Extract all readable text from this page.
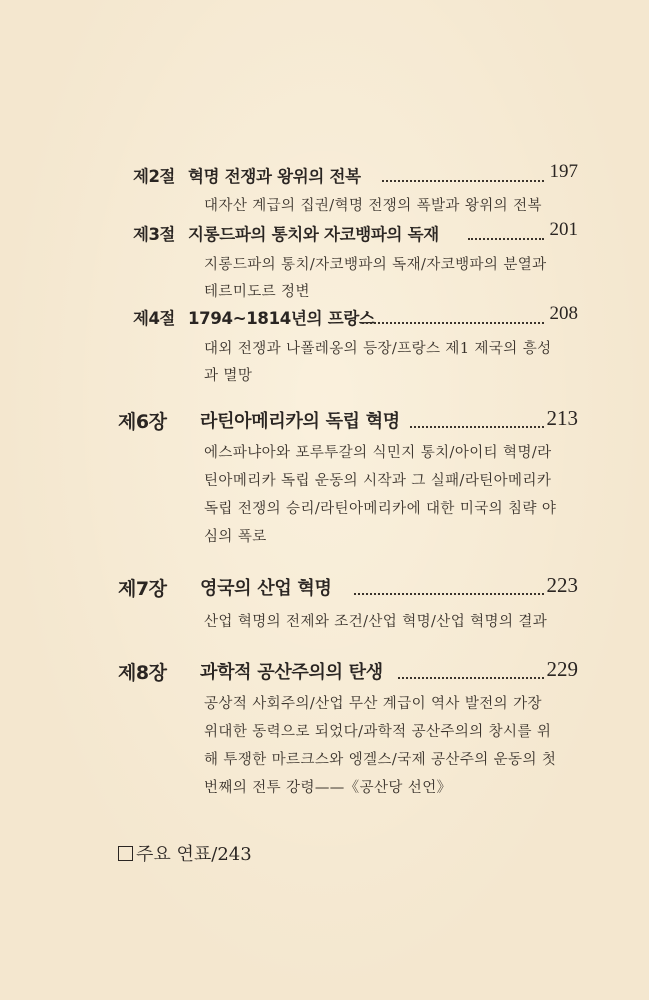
제2절 혁명 전쟁과 왕위의 전복	197
대자산 계급의 집권/혁명 전쟁의 폭발과 왕위의 전복
제3절 지롱드파의 통치와 자코뱅파의 독재	201
지롱드파의 통치/자코뱅파의 독재/자코뱅파의 분열과
테르미도르 정변
제4절 1794~1814년의 프랑스	208
대외 전쟁과 나폴레옹의 등장/프랑스 제1 제국의 흥성
과 멸망
제6장 라틴아메리카의 독립 혁명	213
에스파냐아와 포루투갈의 식민지 통치/아이티 혁명/라
틴아메리카 독립 운동의 시작과 그 실패/라틴아메리카
독립 전쟁의 승리/라틴아메리카에 대한 미국의 침략 야
심의 폭로
제7장 영국의 산업 혁명	223
산업 혁명의 전제와 조건/산업 혁명/산업 혁명의 결과
제8장 과학적 공산주의의 탄생	229
공상적 사회주의/산업 무산 계급이 역사 발전의 가장
위대한 동력으로 되었다/과학적 공산주의의 창시를 위
해 투쟁한 마르크스와 엥겔스/국제 공산주의 운동의 첫
번째의 전투 강령——《공산당 선언》
주요 연표/243
